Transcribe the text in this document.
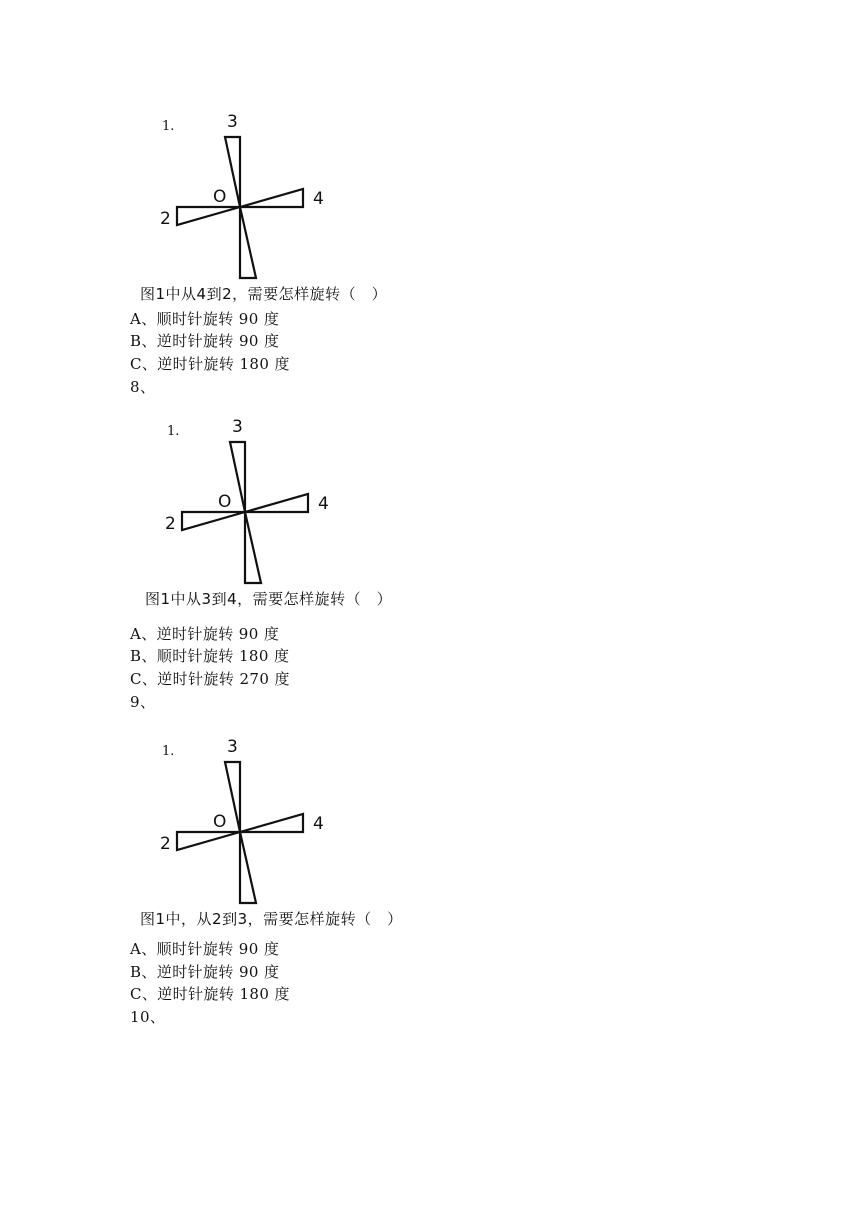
1.	3
O	4
2
图1中从4到2，需要怎样旋转（　）
A、顺时针旋转 90 度
B、逆时针旋转 90 度
C、逆时针旋转 180 度
8、
1.	3
O	4
2
图1中从3到4，需要怎样旋转（　）
A、逆时针旋转 90 度
B、顺时针旋转 180 度
C、逆时针旋转 270 度
9、
1.	3
O	4
2
图1中，从2到3，需要怎样旋转（　）
A、顺时针旋转 90 度
B、逆时针旋转 90 度
C、逆时针旋转 180 度
10、
